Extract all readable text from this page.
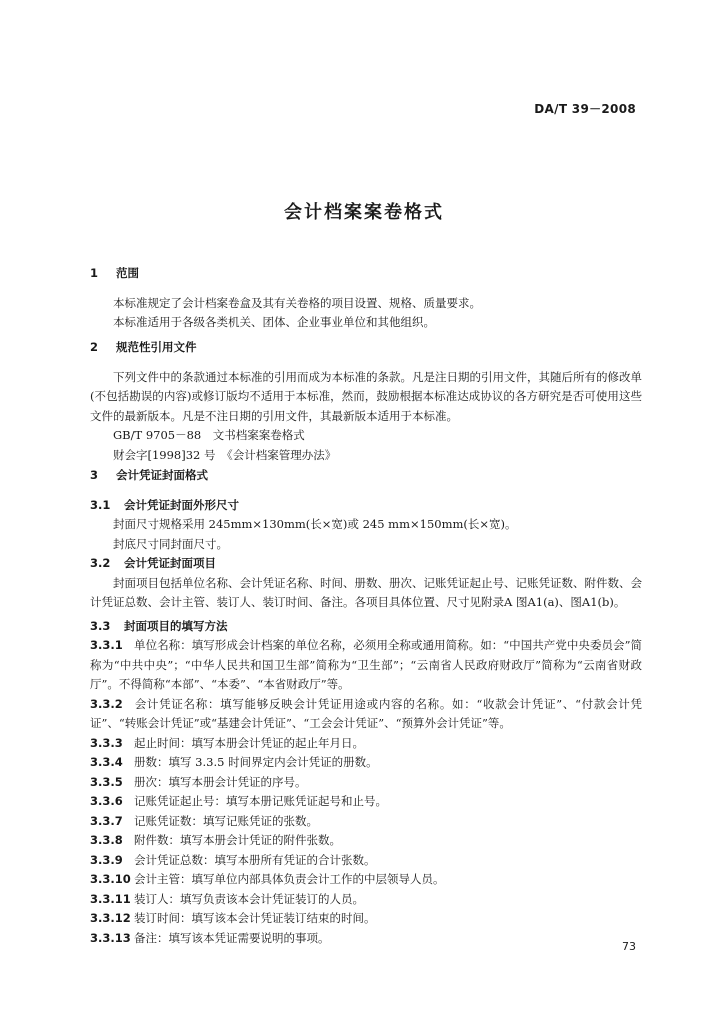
DA/T 39－2008
会计档案案卷格式
1 范围

本标准规定了会计档案卷盒及其有关卷格的项目设置、规格、质量要求。

本标准适用于各级各类机关、团体、企业事业单位和其他组织。

2 规范性引用文件

下列文件中的条款通过本标准的引用而成为本标准的条款。凡是注日期的引用文件，其随后所有的修改单(不包括勘误的内容)或修订版均不适用于本标准，然而，鼓励根据本标准达成协议的各方研究是否可使用这些文件的最新版本。凡是不注日期的引用文件，其最新版本适用于本标准。

GB/T 9705－88　文书档案案卷格式

财会字[1998]32 号　《会计档案管理办法》

3 会计凭证封面格式
3.1 会计凭证封面外形尺寸

封面尺寸规格采用 245mm×130mm(长×宽)或 245 mm×150mm(长×宽)。

封底尺寸同封面尺寸。

3.2 会计凭证封面项目

封面项目包括单位名称、会计凭证名称、时间、册数、册次、记账凭证起止号、记账凭证数、附件数、会计凭证总数、会计主管、装订人、装订时间、备注。各项目具体位置、尺寸见附录A 图A1(a)、图A1(b)。

3.3 封面项目的填写方法

3.3.1 单位名称：填写形成会计档案的单位名称，必须用全称或通用简称。如：“中国共产党中央委员会”简称为“中共中央”；“中华人民共和国卫生部”简称为“卫生部”；“云南省人民政府财政厅”简称为“云南省财政厅”。不得简称“本部”、“本委”、“本省财政厅”等。

3.3.2 会计凭证名称：填写能够反映会计凭证用途或内容的名称。如：“收款会计凭证”、“付款会计凭证”、“转账会计凭证”或“基建会计凭证”、“工会会计凭证”、“预算外会计凭证”等。

3.3.3 起止时间：填写本册会计凭证的起止年月日。

3.3.4 册数：填写 3.3.5 时间界定内会计凭证的册数。

3.3.5 册次：填写本册会计凭证的序号。

3.3.6 记账凭证起止号：填写本册记账凭证起号和止号。

3.3.7 记账凭证数：填写记账凭证的张数。

3.3.8 附件数：填写本册会计凭证的附件张数。

3.3.9 会计凭证总数：填写本册所有凭证的合计张数。

3.3.10 会计主管：填写单位内部具体负责会计工作的中层领导人员。

3.3.11 装订人：填写负责该本会计凭证装订的人员。

3.3.12 装订时间：填写该本会计凭证装订结束的时间。

3.3.13 备注：填写该本凭证需要说明的事项。

73
